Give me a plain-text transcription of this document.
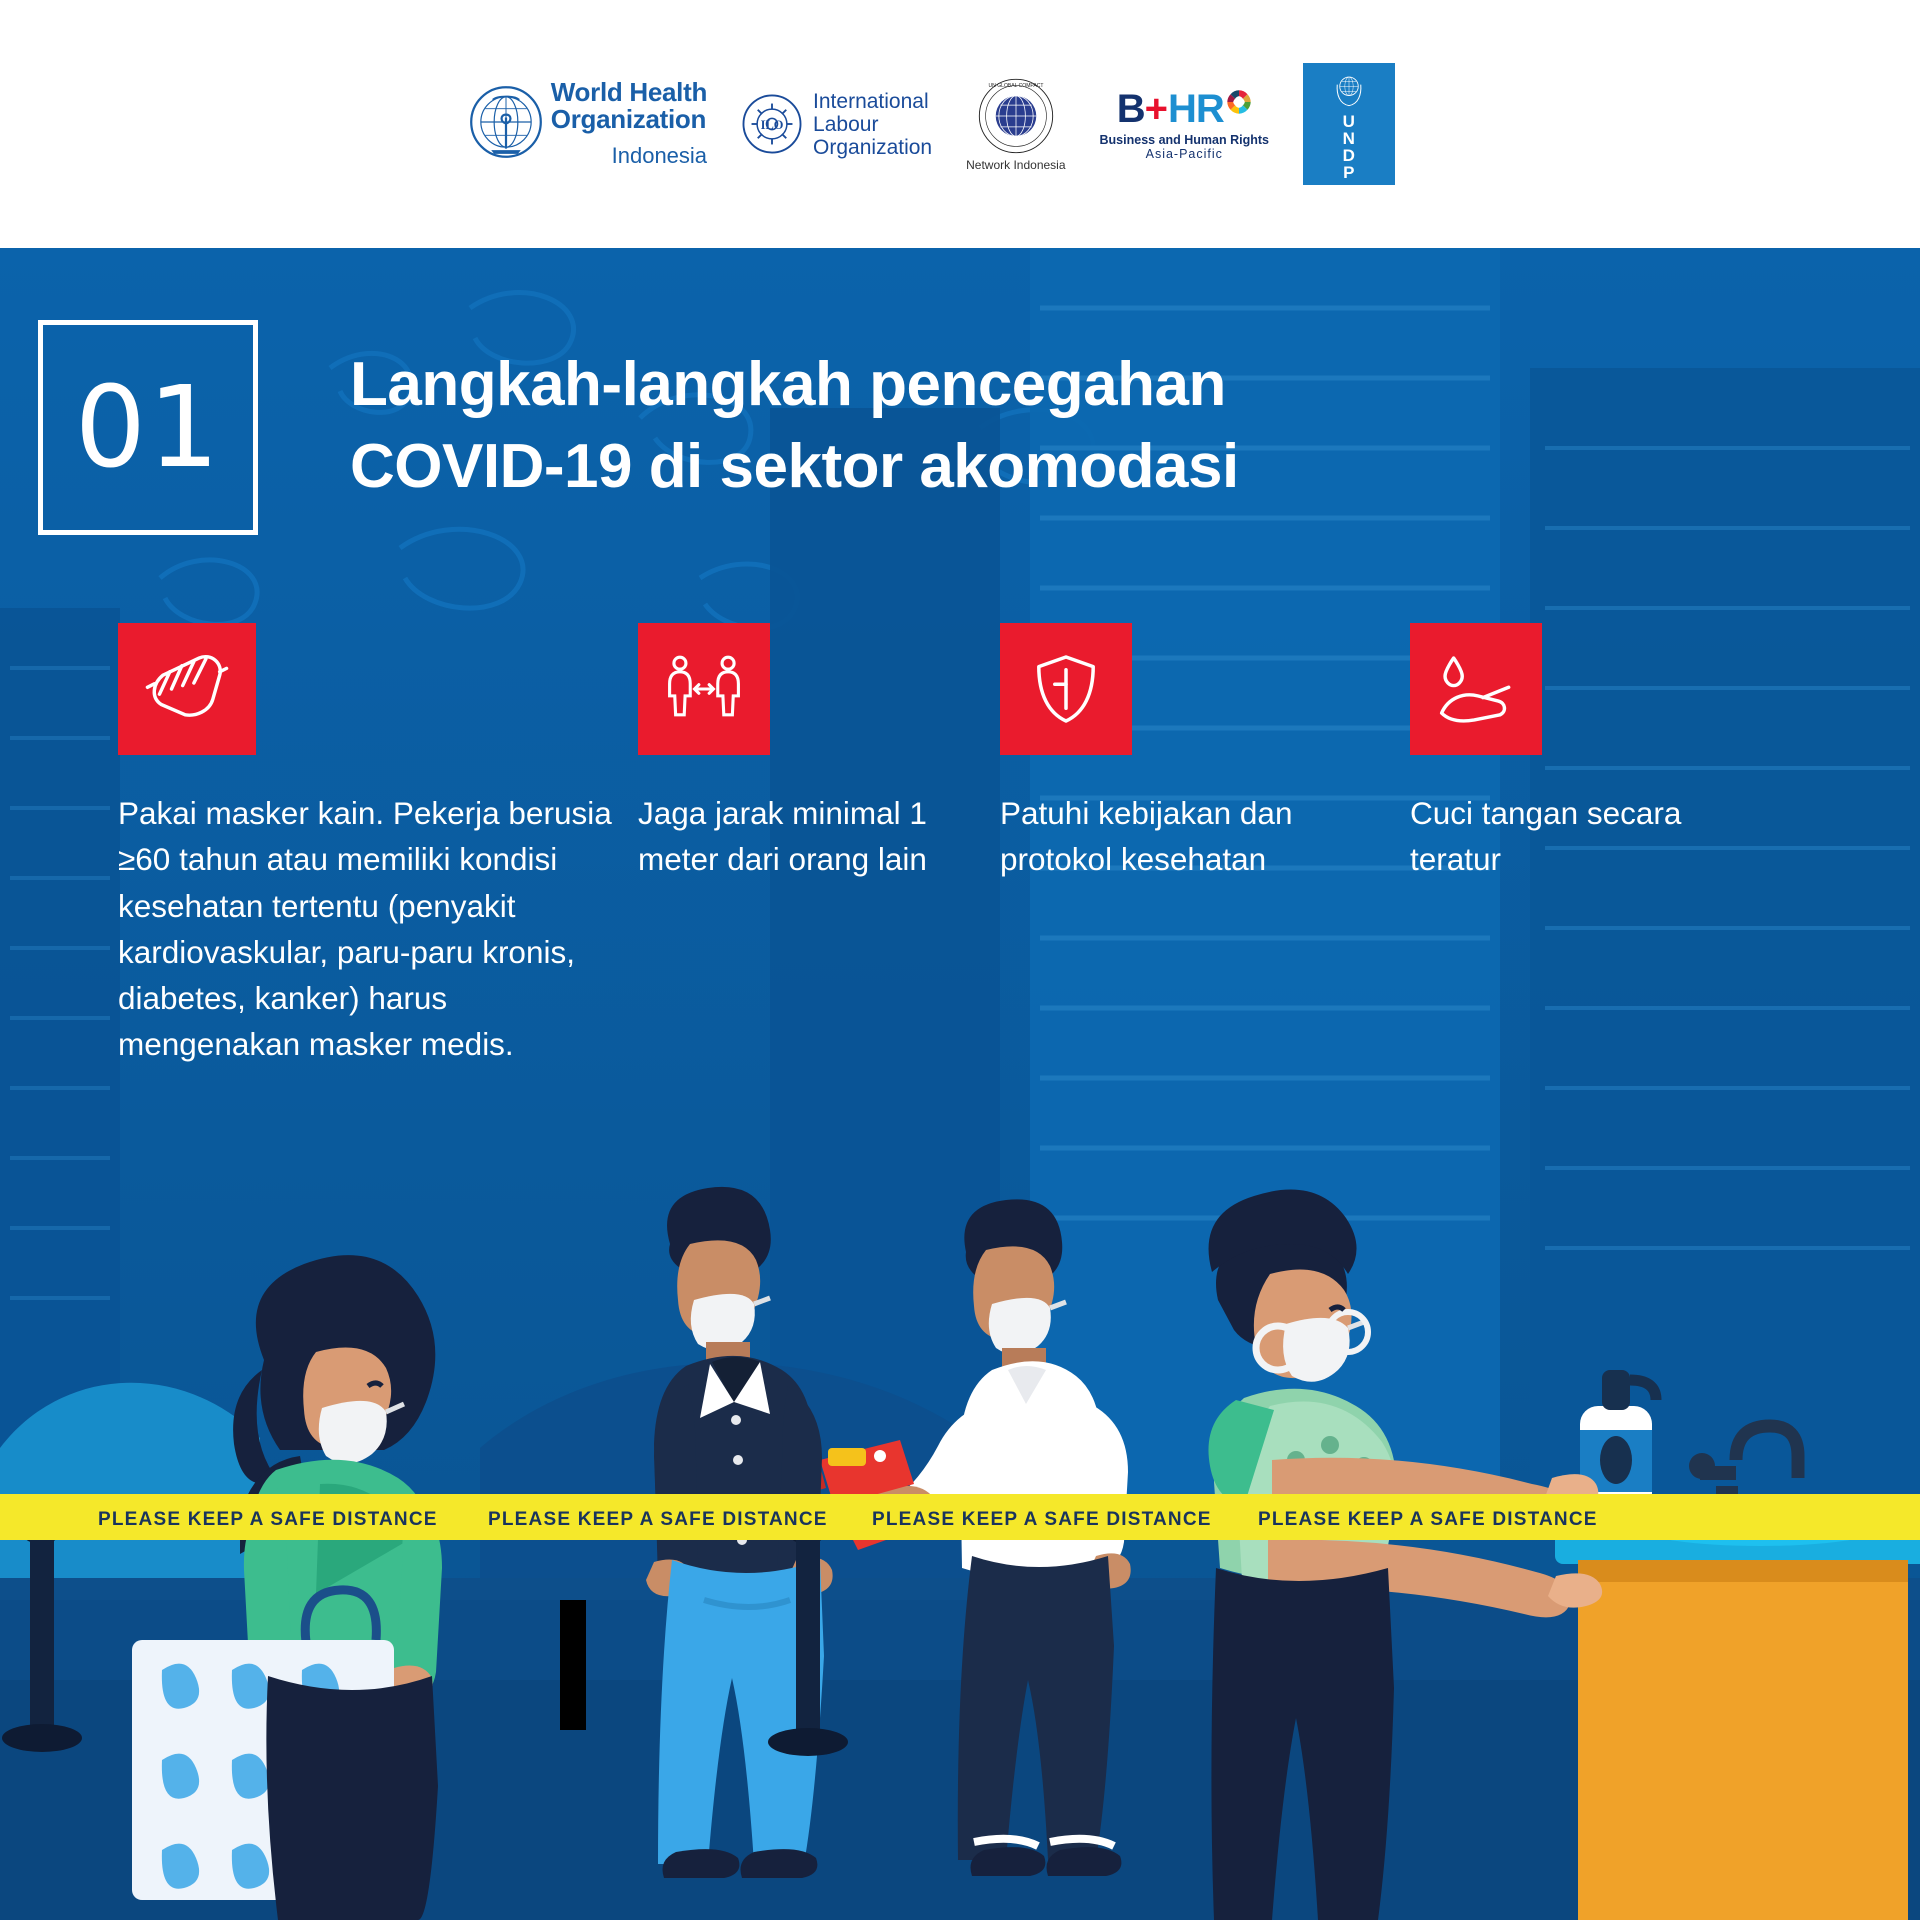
World Health
Organization
Indonesia
ILO
International
Labour
Organization
UN GLOBAL COMPACT
Network Indonesia
B + HR
Business and Human Rights
Asia-Pacific
U
N
D
P
01 Langkah-langkah pencegahan
COVID-19 di sektor akomodasi
Pakai masker kain. Pekerja berusia ≥60 tahun atau memiliki kondisi kesehatan tertentu (penyakit kardiovaskular, paru-paru kronis, diabetes, kanker) harus mengenakan masker medis.
Jaga jarak minimal 1 meter dari orang lain
Patuhi kebijakan dan protokol kesehatan
Cuci tangan secara teratur
PLEASE KEEP A SAFE DISTANCE	PLEASE KEEP A SAFE DISTANCE PLEASE KEEP A SAFE DISTANCE PLEASE KEEP A SAFE DISTANCE
